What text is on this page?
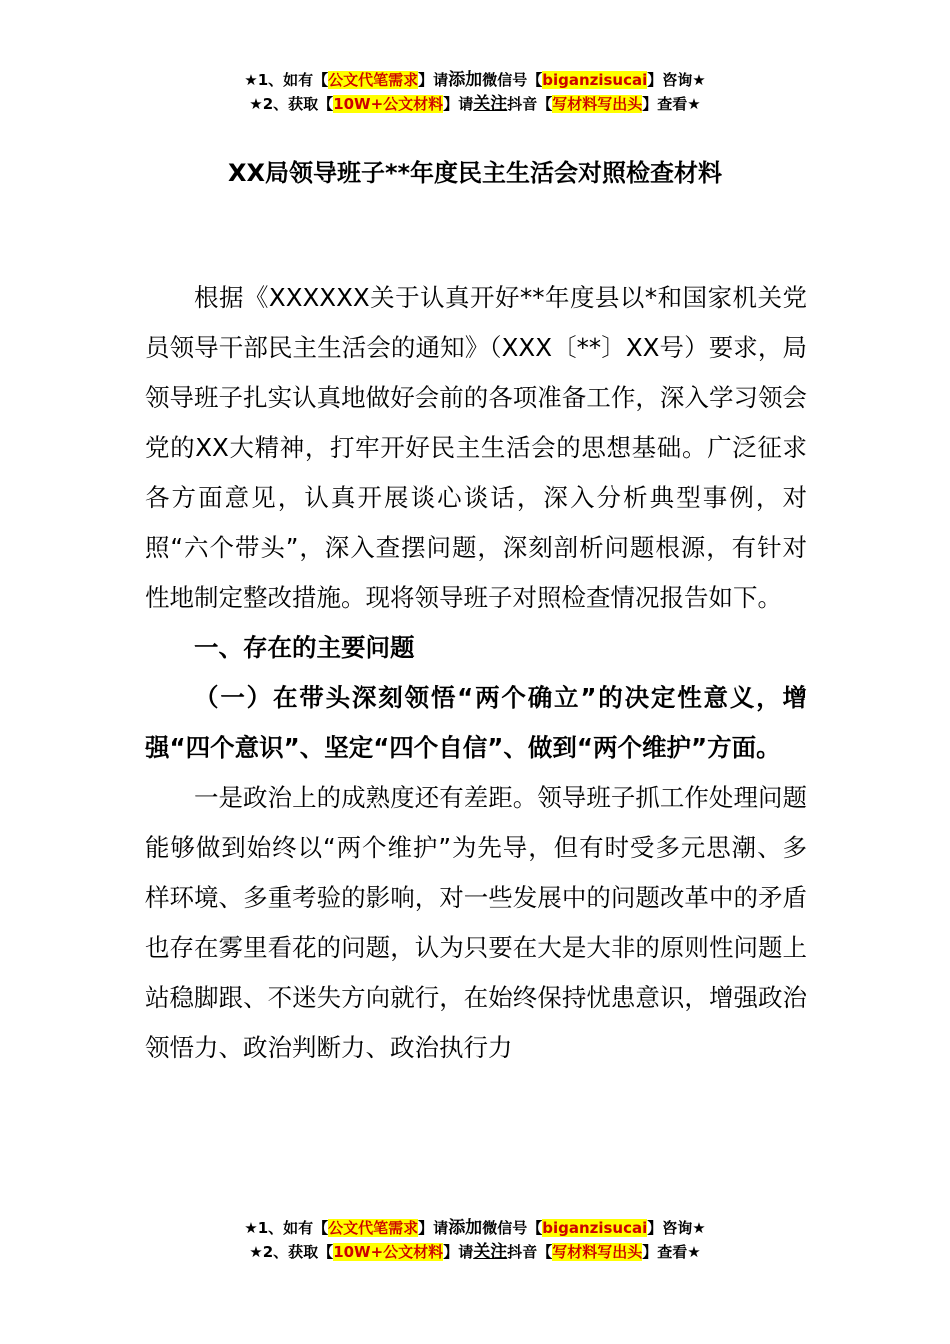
★1、如有【公文代笔需求】请添加微信号【biganzisucai】咨询★
★2、获取【10W+公文材料】请关注抖音【写材料写出头】查看★
XX局领导班子**年度民主生活会对照检查材料

根据《XXXXXX关于认真开好**年度县以*和国家机关党员领导干部民主生活会的通知》（XXX〔**〕XX号）要求，局领导班子扎实认真地做好会前的各项准备工作，深入学习领会党的XX大精神，打牢开好民主生活会的思想基础。广泛征求各方面意见，认真开展谈心谈话，深入分析典型事例，对照“六个带头”，深入查摆问题，深刻剖析问题根源，有针对性地制定整改措施。现将领导班子对照检查情况报告如下。

一、存在的主要问题

（一）在带头深刻领悟“两个确立”的决定性意义，增强“四个意识”、坚定“四个自信”、做到“两个维护”方面。

一是政治上的成熟度还有差距。领导班子抓工作处理问题能够做到始终以“两个维护”为先导，但有时受多元思潮、多样环境、多重考验的影响，对一些发展中的问题改革中的矛盾也存在雾里看花的问题，认为只要在大是大非的原则性问题上站稳脚跟、不迷失方向就行，在始终保持忧患意识，增强政治领悟力、政治判断力、政治执行力

★1、如有【公文代笔需求】请添加微信号【biganzisucai】咨询★
★2、获取【10W+公文材料】请关注抖音【写材料写出头】查看★
